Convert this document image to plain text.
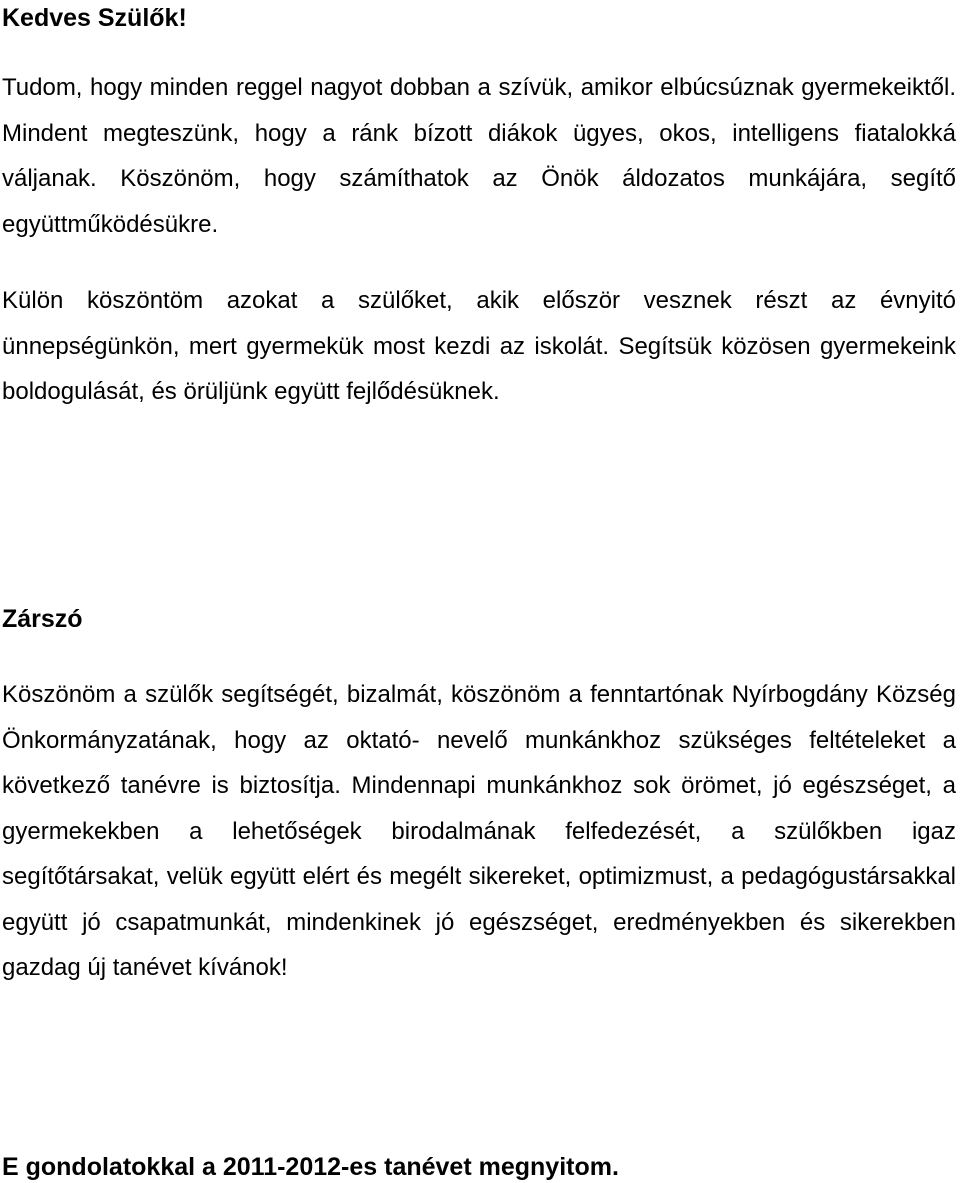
Kedves Szülők!

Tudom, hogy minden reggel nagyot dobban a szívük, amikor elbúcsúznak gyermekeiktől. Mindent megteszünk, hogy a ránk bízott diákok ügyes, okos, intelligens fiatalokká váljanak. Köszönöm, hogy számíthatok az Önök áldozatos munkájára, segítő együttműködésükre.

Külön köszöntöm azokat a szülőket, akik először vesznek részt az évnyitó ünnepségünkön, mert gyermekük most kezdi az iskolát. Segítsük közösen gyermekeink boldogulását, és örüljünk együtt fejlődésüknek.

Zárszó

Köszönöm a szülők segítségét, bizalmát, köszönöm a fenntartónak Nyírbogdány Község Önkormányzatának, hogy az oktató- nevelő munkánkhoz szükséges feltételeket a következő tanévre is biztosítja. Mindennapi munkánkhoz sok örömet, jó egészséget, a gyermekekben a lehetőségek birodalmának felfedezését, a szülőkben igaz segítőtársakat, velük együtt elért és megélt sikereket, optimizmust, a pedagógustársakkal együtt jó csapatmunkát, mindenkinek jó egészséget, eredményekben és sikerekben gazdag új tanévet kívánok!

E gondolatokkal a 2011-2012-es tanévet megnyitom.
